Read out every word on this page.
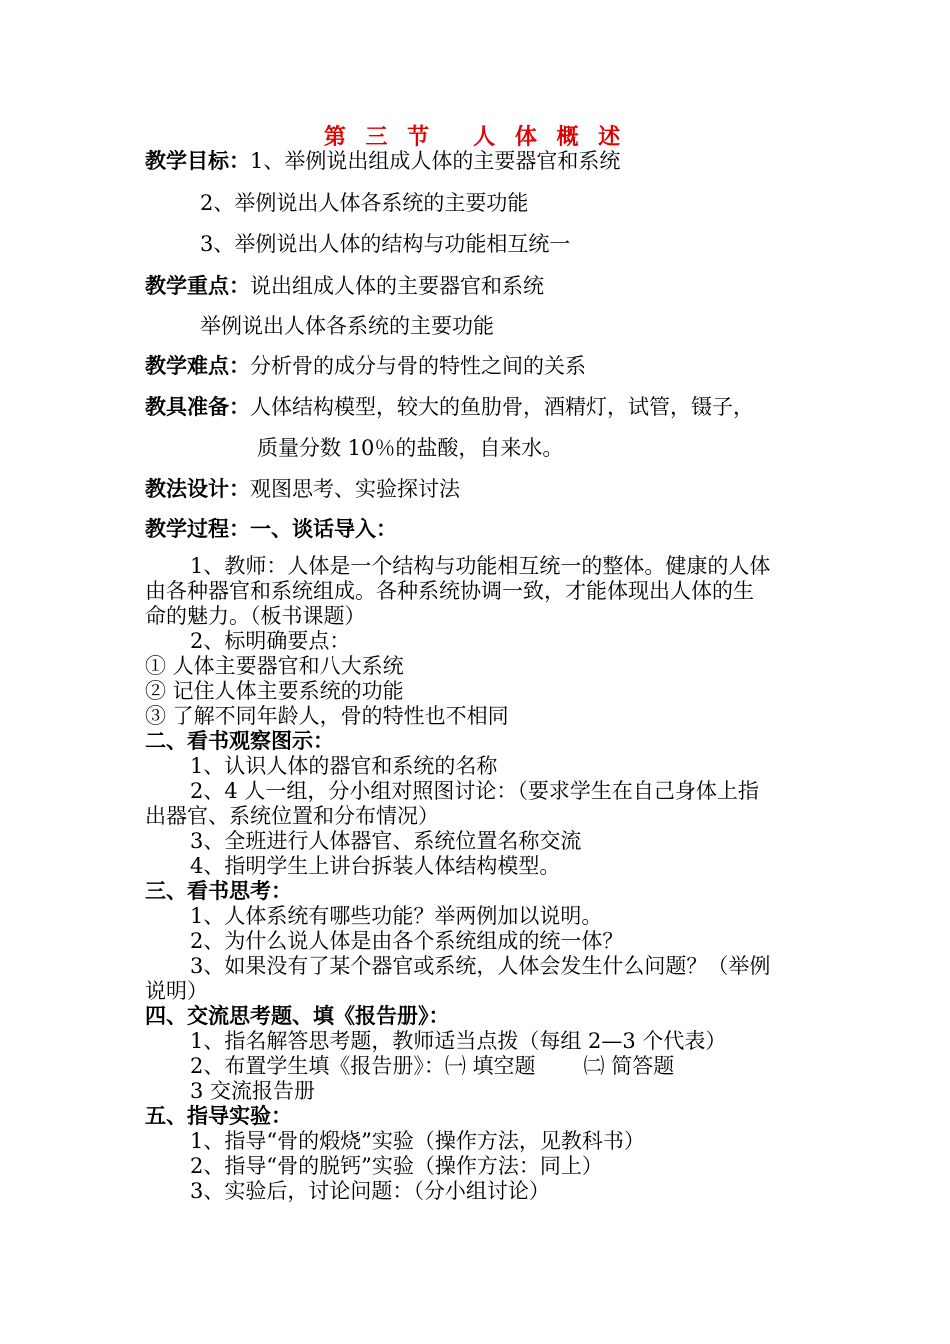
第 三 节 人 体 概 述
教学目标：1、举例说出组成人体的主要器官和系统
2、举例说出人体各系统的主要功能
3、举例说出人体的结构与功能相互统一
教学重点：说出组成人体的主要器官和系统
举例说出人体各系统的主要功能
教学难点：分析骨的成分与骨的特性之间的关系
教具准备：人体结构模型，较大的鱼肋骨，酒精灯，试管，镊子，
质量分数 10％的盐酸，自来水。
教法设计：观图思考、实验探讨法
教学过程：一、谈话导入：
1、教师：人体是一个结构与功能相互统一的整体。健康的人体
由各种器官和系统组成。各种系统协调一致，才能体现出人体的生
命的魅力。（板书课题）
2、标明确要点：
① 人体主要器官和八大系统
② 记住人体主要系统的功能
③ 了解不同年龄人，骨的特性也不相同
二、看书观察图示：
1、认识人体的器官和系统的名称
2、4 人一组，分小组对照图讨论：（要求学生在自己身体上指
出器官、系统位置和分布情况）
3、全班进行人体器官、系统位置名称交流
4、指明学生上讲台拆装人体结构模型。
三、看书思考：
1、人体系统有哪些功能？举两例加以说明。
2、为什么说人体是由各个系统组成的统一体？
3、如果没有了某个器官或系统，人体会发生什么问题？（举例
说明）
四、交流思考题、填《报告册》：
1、指名解答思考题，教师适当点拨（每组 2—3 个代表）
2、布置学生填《报告册》：㈠ 填空题 ㈡ 简答题
3 交流报告册
五、指导实验：
1、指导“骨的煅烧”实验（操作方法，见教科书）
2、指导“骨的脱钙”实验（操作方法：同上）
3、实验后，讨论问题：（分小组讨论）
